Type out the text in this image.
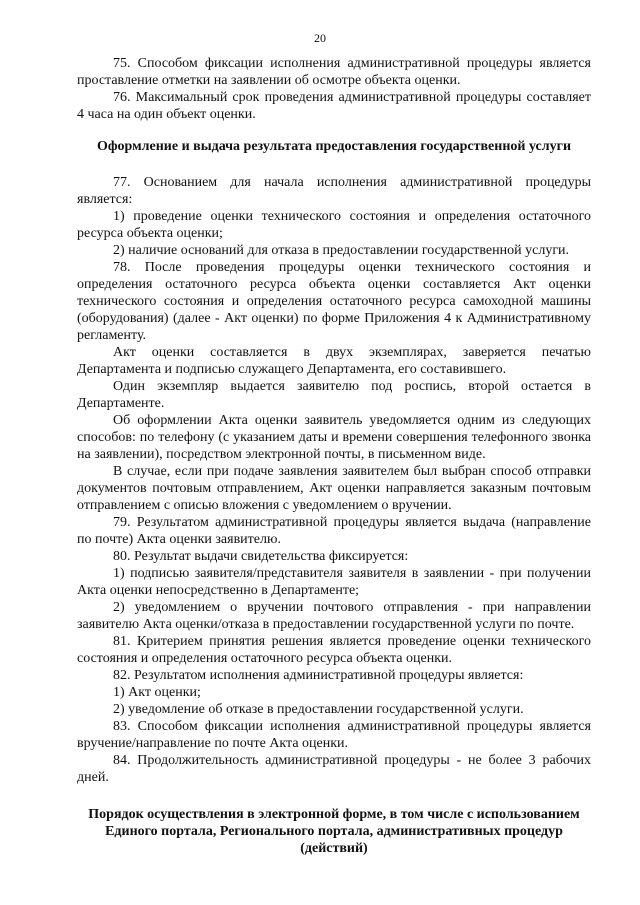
20

75. Способом фиксации исполнения административной процедуры является проставление отметки на заявлении об осмотре объекта оценки.

76. Максимальный срок проведения административной процедуры составляет 4 часа на один объект оценки.

Оформление и выдача результата предоставления государственной услуги

77. Основанием для начала исполнения административной процедуры является:

1) проведение оценки технического состояния и определения остаточного ресурса объекта оценки;

2) наличие оснований для отказа в предоставлении государственной услуги.

78. После проведения процедуры оценки технического состояния и определения остаточного ресурса объекта оценки составляется Акт оценки технического состояния и определения остаточного ресурса самоходной машины (оборудования) (далее - Акт оценки) по форме Приложения 4 к Административному регламенту.

Акт оценки составляется в двух экземплярах, заверяется печатью Департамента и подписью служащего Департамента, его составившего.

Один экземпляр выдается заявителю под роспись, второй остается в Департаменте.

Об оформлении Акта оценки заявитель уведомляется одним из следующих способов: по телефону (с указанием даты и времени совершения телефонного звонка на заявлении), посредством электронной почты, в письменном виде.

В случае, если при подаче заявления заявителем был выбран способ отправки документов почтовым отправлением, Акт оценки направляется заказным почтовым отправлением с описью вложения с уведомлением о вручении.

79. Результатом административной процедуры является выдача (направление по почте) Акта оценки заявителю.

80. Результат выдачи свидетельства фиксируется:

1) подписью заявителя/представителя заявителя в заявлении - при получении Акта оценки непосредственно в Департаменте;

2) уведомлением о вручении почтового отправления - при направлении заявителю Акта оценки/отказа в предоставлении государственной услуги по почте.

81. Критерием принятия решения является проведение оценки технического состояния и определения остаточного ресурса объекта оценки.

82. Результатом исполнения административной процедуры является:

1) Акт оценки;

2) уведомление об отказе в предоставлении государственной услуги.

83. Способом фиксации исполнения административной процедуры является вручение/направление по почте Акта оценки.

84. Продолжительность административной процедуры - не более 3 рабочих дней.

Порядок осуществления в электронной форме, в том числе с использованием
Единого портала, Регионального портала, административных процедур
(действий)
